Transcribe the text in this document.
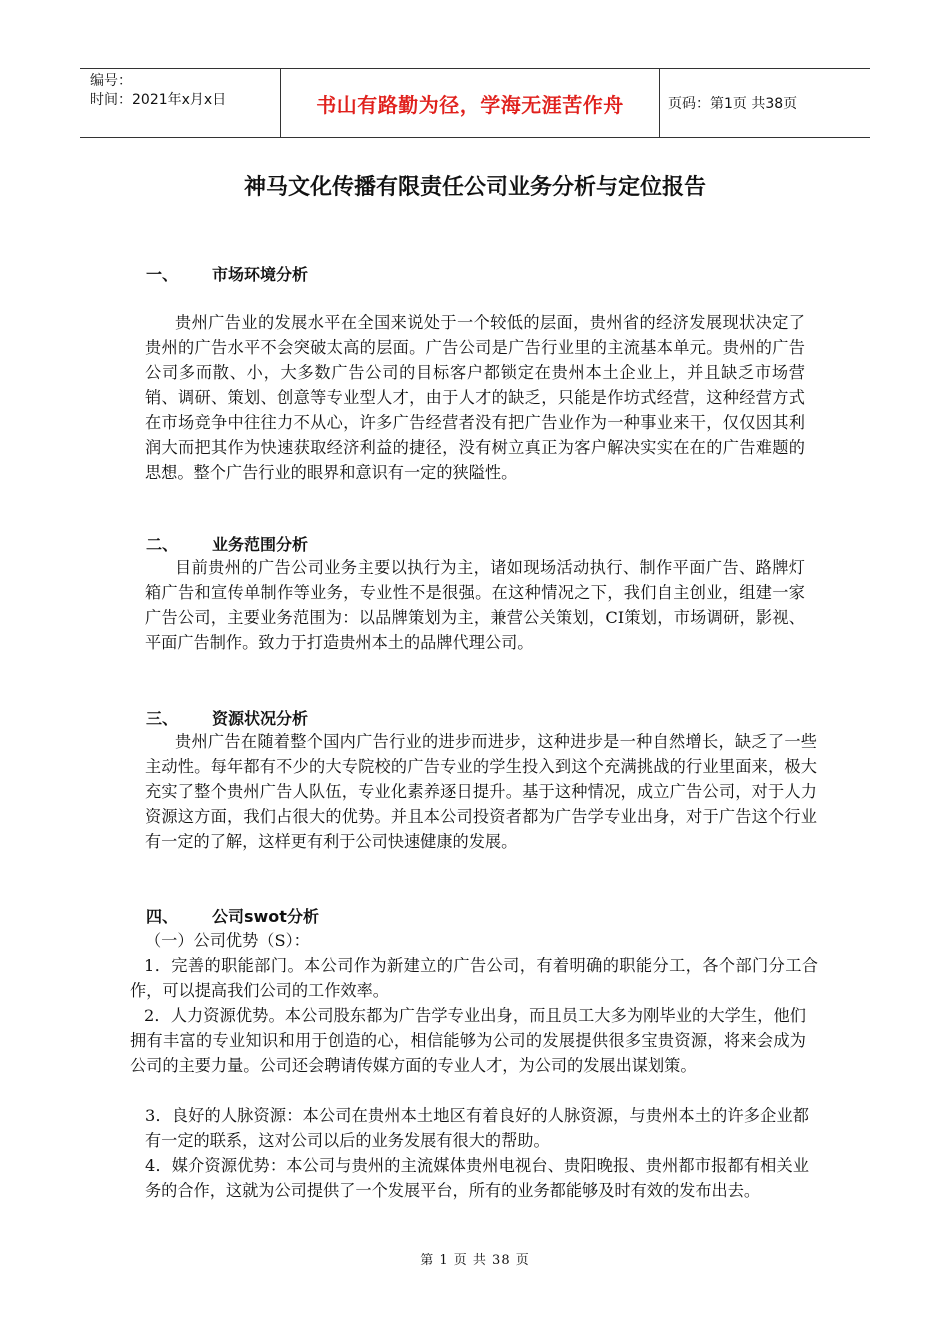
编号：
时间：2021年x月x日	书山有路勤为径，学海无涯苦作舟	页码：第1页 共38页
神马文化传播有限责任公司业务分析与定位报告
一、 市场环境分析
贵州广告业的发展水平在全国来说处于一个较低的层面，贵州省的经济发展现状决定了贵州的广告水平不会突破太高的层面。广告公司是广告行业里的主流基本单元。贵州的广告公司多而散、小，大多数广告公司的目标客户都锁定在贵州本土企业上，并且缺乏市场营销、调研、策划、创意等专业型人才，由于人才的缺乏，只能是作坊式经营，这种经营方式在市场竞争中往往力不从心，许多广告经营者没有把广告业作为一种事业来干，仅仅因其利润大而把其作为快速获取经济利益的捷径，没有树立真正为客户解决实实在在的广告难题的思想。整个广告行业的眼界和意识有一定的狭隘性。
二、 业务范围分析
目前贵州的广告公司业务主要以执行为主，诸如现场活动执行、制作平面广告、路牌灯箱广告和宣传单制作等业务，专业性不是很强。在这种情况之下，我们自主创业，组建一家广告公司，主要业务范围为：以品牌策划为主，兼营公关策划，CI策划，市场调研，影视、平面广告制作。致力于打造贵州本土的品牌代理公司。
三、 资源状况分析
贵州广告在随着整个国内广告行业的进步而进步，这种进步是一种自然增长，缺乏了一些主动性。每年都有不少的大专院校的广告专业的学生投入到这个充满挑战的行业里面来，极大充实了整个贵州广告人队伍，专业化素养逐日提升。基于这种情况，成立广告公司，对于人力资源这方面，我们占很大的优势。并且本公司投资者都为广告学专业出身，对于广告这个行业有一定的了解，这样更有利于公司快速健康的发展。
四、 公司swot分析
（一）公司优势（S）：
1．完善的职能部门。本公司作为新建立的广告公司，有着明确的职能分工，各个部门分工合作，可以提高我们公司的工作效率。
2．人力资源优势。本公司股东都为广告学专业出身，而且员工大多为刚毕业的大学生，他们拥有丰富的专业知识和用于创造的心，相信能够为公司的发展提供很多宝贵资源，将来会成为公司的主要力量。公司还会聘请传媒方面的专业人才，为公司的发展出谋划策。
3．良好的人脉资源：本公司在贵州本土地区有着良好的人脉资源，与贵州本土的许多企业都有一定的联系，这对公司以后的业务发展有很大的帮助。
4．媒介资源优势：本公司与贵州的主流媒体贵州电视台、贵阳晚报、贵州都市报都有相关业务的合作，这就为公司提供了一个发展平台，所有的业务都能够及时有效的发布出去。
第 1 页 共 38 页
